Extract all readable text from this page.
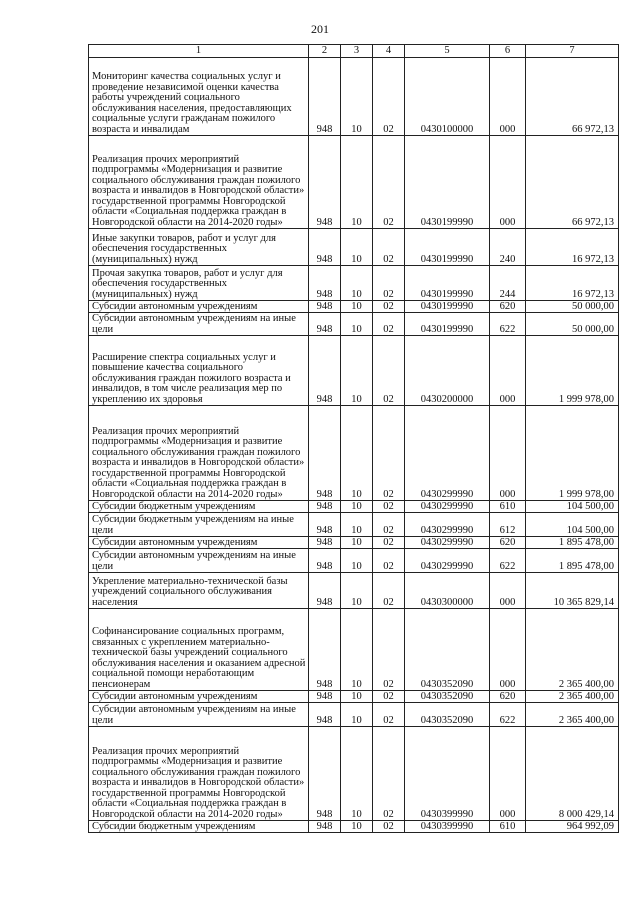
201
1	2	3	4	5	6	7
Мониторинг качества социальных услуг и проведение независимой оценки качества работы учреждений социального обслуживания населения, предоставляющих социальные услуги гражданам пожилого возраста и инвалидам	948	10	02	0430100000	000	66 972,13
Реализация прочих мероприятий подпрограммы «Модернизация и развитие социального обслуживания граждан пожилого возраста и инвалидов в Новгородской области» государственной программы Новгородской области «Социальная поддержка граждан в Новгородской области на 2014-2020 годы»	948	10	02	0430199990	000	66 972,13
Иные закупки товаров, работ и услуг для обеспечения государственных (муниципальных) нужд	948	10	02	0430199990	240	16 972,13
Прочая закупка товаров, работ и услуг для обеспечения государственных (муниципальных) нужд	948	10	02	0430199990	244	16 972,13
Субсидии автономным учреждениям	948	10	02	0430199990	620	50 000,00
Субсидии автономным учреждениям на иные цели	948	10	02	0430199990	622	50 000,00
Расширение спектра социальных услуг и повышение качества социального обслуживания граждан пожилого возраста и инвалидов, в том числе реализация мер по укреплению их здоровья	948	10	02	0430200000	000	1 999 978,00
Реализация прочих мероприятий подпрограммы «Модернизация и развитие социального обслуживания граждан пожилого возраста и инвалидов в Новгородской области» государственной программы Новгородской области «Социальная поддержка граждан в Новгородской области на 2014-2020 годы»	948	10	02	0430299990	000	1 999 978,00
Субсидии бюджетным учреждениям	948	10	02	0430299990	610	104 500,00
Субсидии бюджетным учреждениям на иные цели	948	10	02	0430299990	612	104 500,00
Субсидии автономным учреждениям	948	10	02	0430299990	620	1 895 478,00
Субсидии автономным учреждениям на иные цели	948	10	02	0430299990	622	1 895 478,00
Укрепление материально-технической базы учреждений социального обслуживания населения	948	10	02	0430300000	000	10 365 829,14
Софинансирование социальных программ, связанных с укреплением материально-технической базы учреждений социального обслуживания населения и оказанием адресной социальной помощи неработающим пенсионерам	948	10	02	0430352090	000	2 365 400,00
Субсидии автономным учреждениям	948	10	02	0430352090	620	2 365 400,00
Субсидии автономным учреждениям на иные цели	948	10	02	0430352090	622	2 365 400,00
Реализация прочих мероприятий подпрограммы «Модернизация и развитие социального обслуживания граждан пожилого возраста и инвалидов в Новгородской области» государственной программы Новгородской области «Социальная поддержка граждан в Новгородской области на 2014-2020 годы»	948	10	02	0430399990	000	8 000 429,14
Субсидии бюджетным учреждениям	948	10	02	0430399990	610	964 992,09
